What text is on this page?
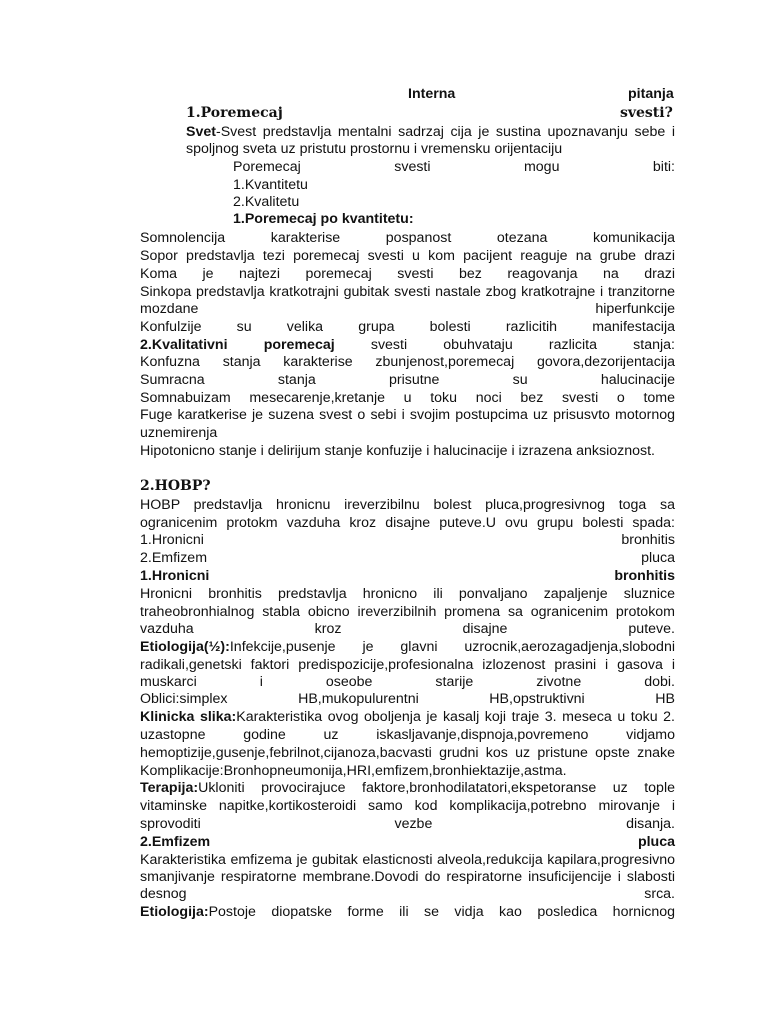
Interna	pitanja
1.Poremecaj	svesti?
Svet-Svest predstavlja mentalni sadrzaj cija je sustina upoznavanju sebe i
spoljnog sveta uz pristutu prostornu i vremensku orijentaciju
Poremecaj	svesti	mogu	biti:
1.Kvantitetu
2.Kvalitetu
1.Poremecaj po kvantitetu:
Somnolencija	karakterise	pospanost	otezana	komunikacija
Sopor predstavlja tezi poremecaj svesti u kom pacijent reaguje na grube drazi
Koma je najtezi poremecaj svesti bez reagovanja na drazi
Sinkopa predstavlja kratkotrajni gubitak svesti nastale zbog kratkotrajne i tranzitorne
mozdane	hiperfunkcije
Konfulzije su velika grupa bolesti razlicitih manifestacija
2.Kvalitativni	poremecaj	svesti	obuhvataju	razlicita	stanja:
Konfuzna stanja karakterise zbunjenost,poremecaj govora,dezorijentacija
Sumracna	stanja	prisutne	su	halucinacije
Somnabuizam mesecarenje,kretanje u toku noci bez svesti o tome
Fuge karatkerise je suzena svest o sebi i svojim postupcima uz prisusvto motornog
uznemirenja
Hipotonicno stanje i delirijum stanje konfuzije i halucinacije i izrazena anksioznost.
2.HOBP?
HOBP predstavlja hronicnu ireverzibilnu bolest pluca,progresivnog toga sa
ogranicenim protokm vazduha kroz disajne puteve.U ovu grupu bolesti spada:
1.Hronicni	bronhitis
2.Emfizem	pluca
1.Hronicni	bronhitis
Hronicni bronhitis predstavlja hronicno ili ponvaljano zapaljenje sluznice
traheobronhialnog stabla obicno ireverzibilnih promena sa ogranicenim protokom
vazduha	kroz	disajne	puteve.
Etiologija(½):Infekcije,pusenje je glavni uzrocnik,aerozagadjenja,slobodni
radikali,genetski faktori predispozicije,profesionalna izlozenost prasini i gasova i
muskarci	i	oseobe	starije	zivotne	dobi.
Oblici:simplex	HB,mukopulurentni	HB,opstruktivni	HB
Klinicka slika:Karakteristika ovog oboljenja je kasalj koji traje 3. meseca u toku 2.
uzastopne	godine	uz	iskasljavanje,dispnoja,povremeno	vidjamo
hemoptizije,gusenje,febrilnot,cijanoza,bacvasti grudni kos uz pristune opste znake
Komplikacije:Bronhopneumonija,HRI,emfizem,bronhiektazije,astma.
Terapija:Ukloniti provocirajuce faktore,bronhodilatatori,ekspetoranse uz tople
vitaminske napitke,kortikosteroidi samo kod komplikacija,potrebno mirovanje i
sprovoditi	vezbe	disanja.
2.Emfizem	pluca
Karakteristika emfizema je gubitak elasticnosti alveola,redukcija kapilara,progresivno
smanjivanje respiratorne membrane.Dovodi do respiratorne insuficijencije i slabosti
desnog	srca.
Etiologija:Postoje diopatske forme ili se vidja kao posledica hornicnog
